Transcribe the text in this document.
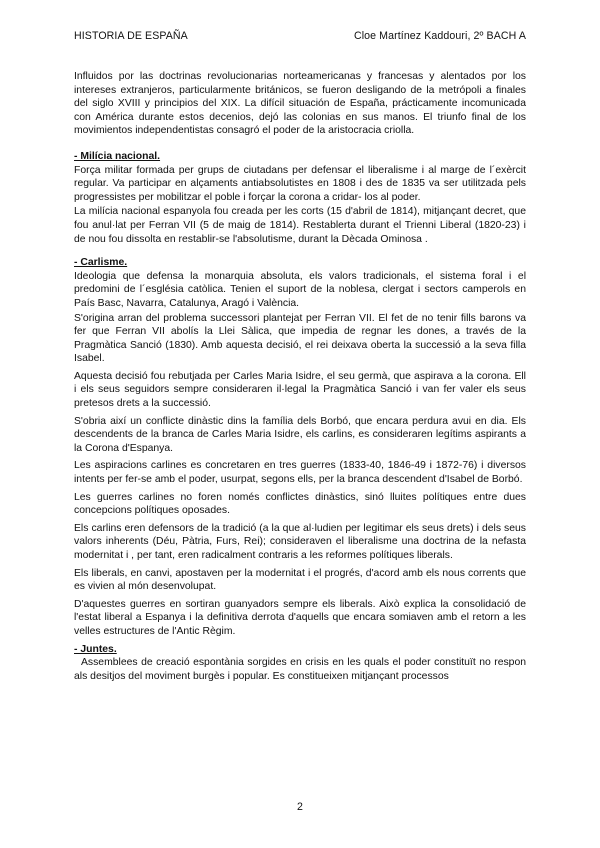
HISTORIA DE ESPAÑA	Cloe Martínez Kaddouri, 2º BACH A

Influidos por las doctrinas revolucionarias norteamericanas y francesas y alentados por los intereses extranjeros, particularmente británicos, se fueron desligando de la metrópoli a finales del siglo XVIII y principios del XIX. La difícil situación de España, prácticamente incomunicada con América durante estos decenios, dejó las colonias en sus manos. El triunfo final de los movimientos independentistas consagró el poder de la aristocracia criolla.

- Milícia nacional.

Força militar formada per grups de ciutadans per defensar el liberalisme i al marge de l´exèrcit regular. Va participar en alçaments antiabsolutistes en 1808 i des de 1835 va ser utilitzada pels progressistes per mobilitzar el poble i forçar la corona a cridar- los al poder.

La milícia nacional espanyola fou creada per les corts (15 d'abril de 1814), mitjançant decret, que fou anul·lat per Ferran VII (5 de maig de 1814). Restablerta durant el Trienni Liberal (1820-23) i de nou fou dissolta en restablir-se l'absolutisme, durant la Dècada Ominosa .

- Carlisme.

Ideologia que defensa la monarquia absoluta, els valors tradicionals, el sistema foral i el predomini de l´església catòlica. Tenien el suport de la noblesa, clergat i sectors camperols en País Basc, Navarra, Catalunya, Aragó i València.

S'origina arran del problema successori plantejat per Ferran VII. El fet de no tenir fills barons va fer que Ferran VII abolís la Llei Sàlica, que impedia de regnar les dones, a través de la Pragmàtica Sanció (1830). Amb aquesta decisió, el rei deixava oberta la successió a la seva filla Isabel.

Aquesta decisió fou rebutjada per Carles Maria Isidre, el seu germà, que aspirava a la corona. Ell i els seus seguidors sempre consideraren il·legal la Pragmàtica Sanció i van fer valer els seus pretesos drets a la successió.

S'obria així un conflicte dinàstic dins la família dels Borbó, que encara perdura avui en dia. Els descendents de la branca de Carles Maria Isidre, els carlins, es consideraren legítims aspirants a la Corona d'Espanya.

Les aspiracions carlines es concretaren en tres guerres (1833-40, 1846-49 i 1872-76) i diversos intents per fer-se amb el poder, usurpat, segons ells, per la branca descendent d'Isabel de Borbó.

Les guerres carlines no foren només conflictes dinàstics, sinó lluites polítiques entre dues concepcions polítiques oposades.

Els carlins eren defensors de la tradició (a la que al·ludien per legitimar els seus drets) i dels seus valors inherents (Déu, Pàtria, Furs, Rei); consideraven el liberalisme una doctrina de la nefasta modernitat i , per tant, eren radicalment contraris a les reformes polítiques liberals.

Els liberals, en canvi, apostaven per la modernitat i el progrés, d'acord amb els nous corrents que es vivien al món desenvolupat.

D'aquestes guerres en sortiran guanyadors sempre els liberals. Això explica la consolidació de l'estat liberal a Espanya i la definitiva derrota d'aquells que encara somiaven amb el retorn a les velles estructures de l'Antic Règim.

- Juntes.

Assemblees de creació espontània sorgides en crisis en les quals el poder constituït no respon als desitjos del moviment burgès i popular. Es constitueixen mitjançant processos

2
